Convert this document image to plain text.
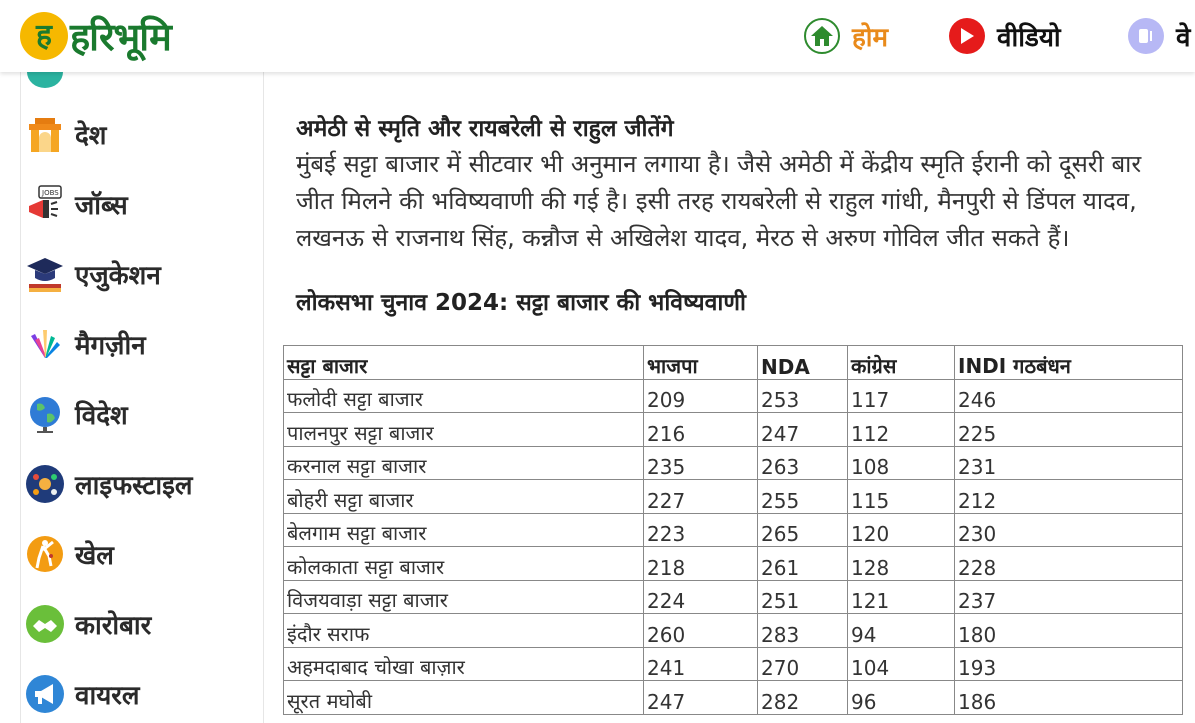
ह हरिभूमि	होम	वीडियो	वे
देश
JOBS जॉब्स
एजुकेशन
मैगज़ीन
विदेश
लाइफस्टाइल
खेल
कारोबार
वायरल
अमेठी से स्मृति और रायबरेली से राहुल जीतेंगे

मुंबई सट्टा बाजार में सीटवार भी अनुमान लगाया है। जैसे अमेठी में केंद्रीय स्मृति ईरानी को दूसरी बार जीत मिलने की भविष्यवाणी की गई है। इसी तरह रायबरेली से राहुल गांधी, मैनपुरी से डिंपल यादव, लखनऊ से राजनाथ सिंह, कन्नौज से अखिलेश यादव, मेरठ से अरुण गोविल जीत सकते हैं।

लोकसभा चुनाव 2024: सट्टा बाजार की भविष्यवाणी
सट्टा बाजार	भाजपा	NDA	कांग्रेस	INDI गठबंधन
फलोदी सट्टा बाजार	209	253	117	246
पालनपुर सट्टा बाजार	216	247	112	225
करनाल सट्टा बाजार	235	263	108	231
बोहरी सट्टा बाजार	227	255	115	212
बेलगाम सट्टा बाजार	223	265	120	230
कोलकाता सट्टा बाजार	218	261	128	228
विजयवाड़ा सट्टा बाजार	224	251	121	237
इंदौर सराफ	260	283	94	180
अहमदाबाद चोखा बाज़ार	241	270	104	193
सूरत मघोबी	247	282	96	186
